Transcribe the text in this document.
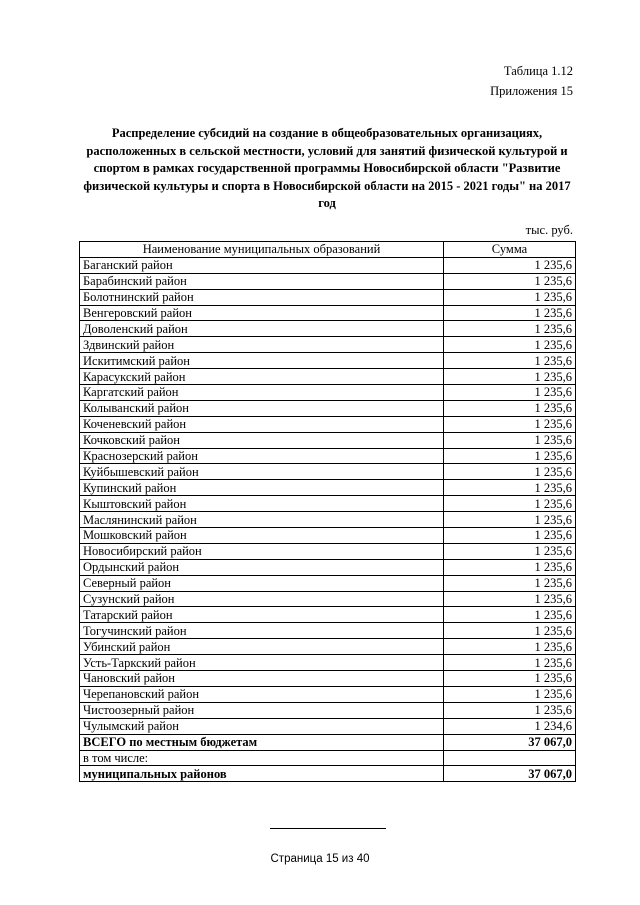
Таблица 1.12
Приложения 15
Распределение субсидий на создание в общеобразовательных организациях,
расположенных в сельской местности, условий для занятий физической культурой и
спортом в рамках государственной программы Новосибирской области "Развитие
физической культуры и спорта в Новосибирской области на 2015 - 2021 годы" на 2017
год
тыс. руб.
Наименование муниципальных образований	Сумма
Баганский район	1 235,6
Барабинский район	1 235,6
Болотнинский район	1 235,6
Венгеровский район	1 235,6
Доволенский район	1 235,6
Здвинский район	1 235,6
Искитимский район	1 235,6
Карасукский район	1 235,6
Каргатский район	1 235,6
Колыванский район	1 235,6
Коченевский район	1 235,6
Кочковский район	1 235,6
Краснозерский район	1 235,6
Куйбышевский район	1 235,6
Купинский район	1 235,6
Кыштовский район	1 235,6
Маслянинский район	1 235,6
Мошковский район	1 235,6
Новосибирский район	1 235,6
Ордынский район	1 235,6
Северный район	1 235,6
Сузунский район	1 235,6
Татарский район	1 235,6
Тогучинский район	1 235,6
Убинский район	1 235,6
Усть-Таркский район	1 235,6
Чановский район	1 235,6
Черепановский район	1 235,6
Чистоозерный район	1 235,6
Чулымский район	1 234,6
ВСЕГО по местным бюджетам	37 067,0
в том числе:	
муниципальных районов	37 067,0
Страница 15 из 40
